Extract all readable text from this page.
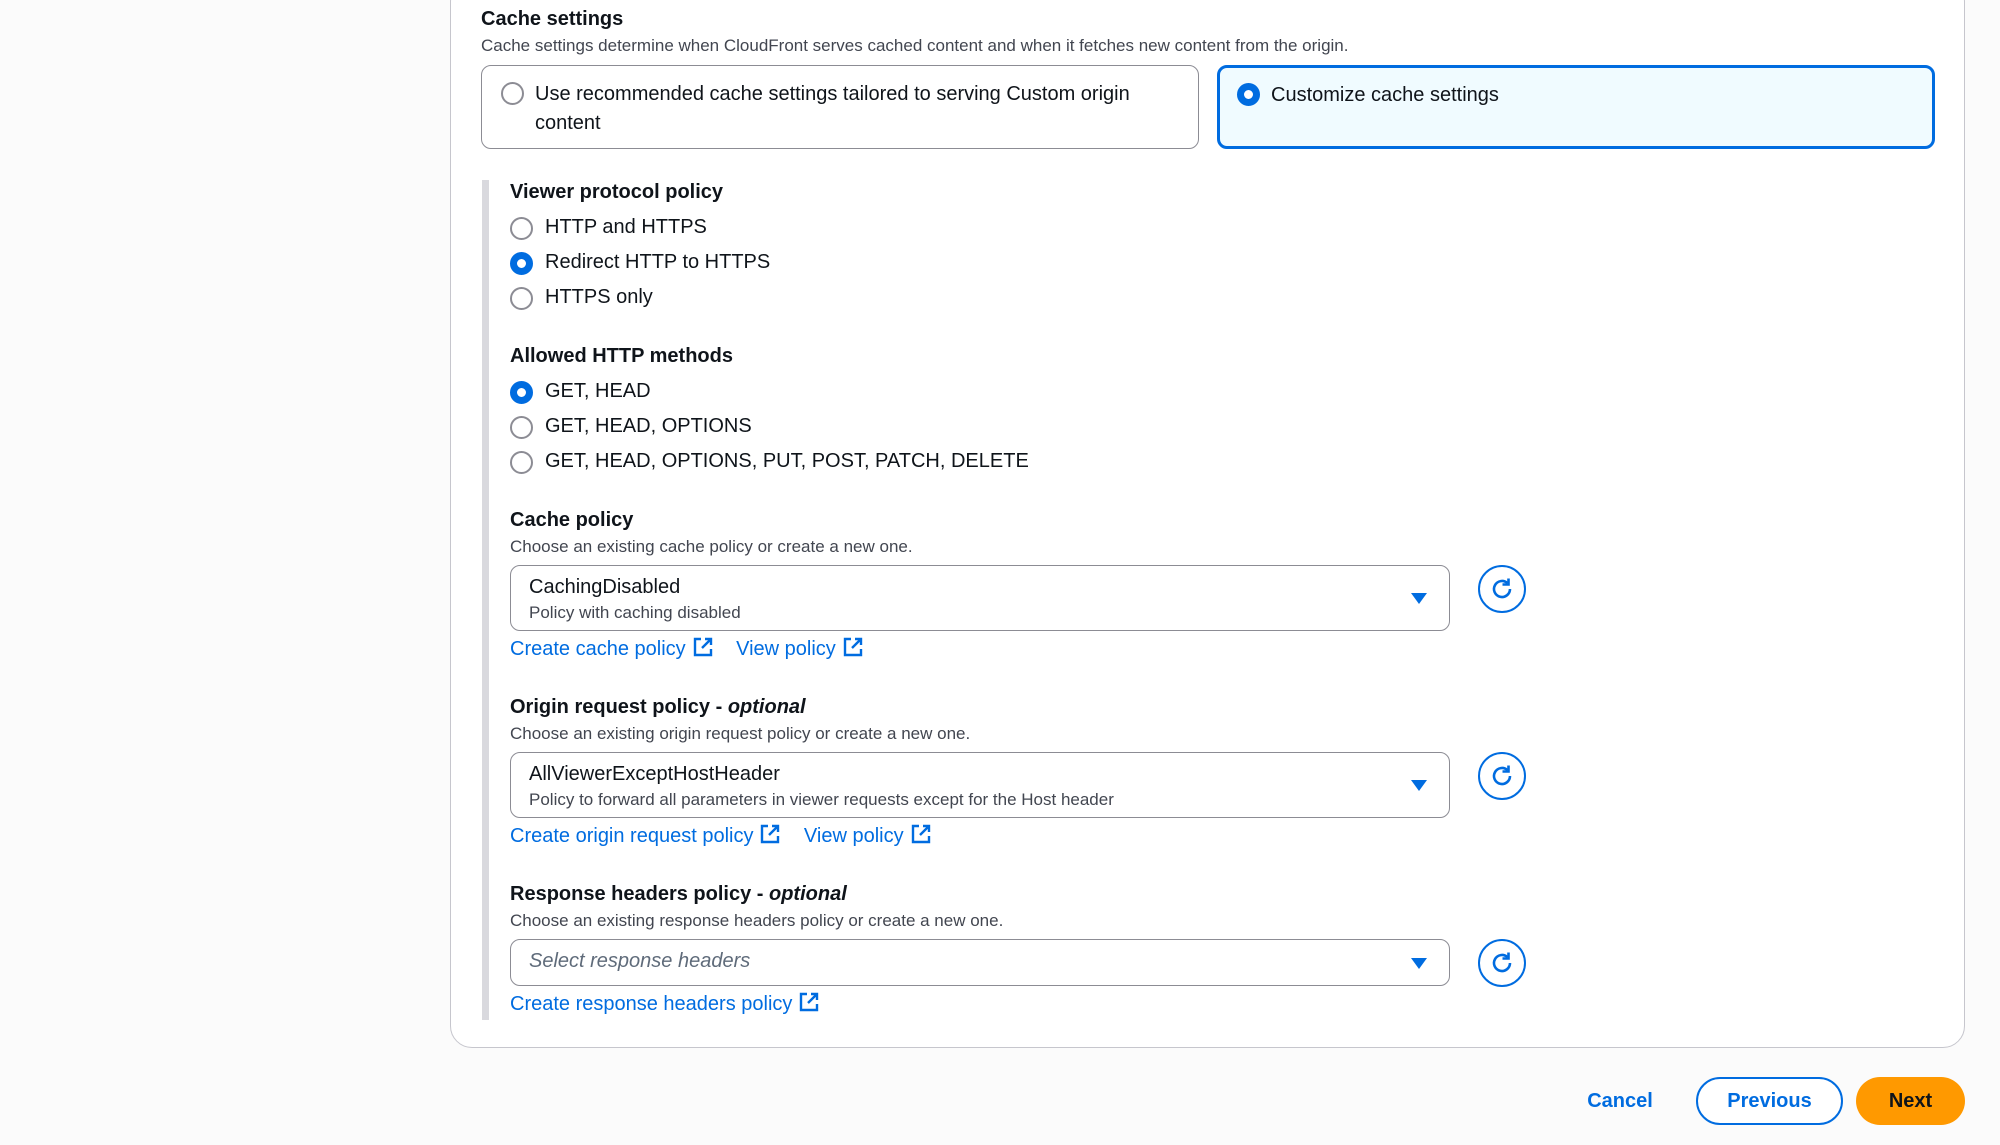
Cache settings
Cache settings determine when CloudFront serves cached content and when it fetches new content from the origin.
Use recommended cache settings tailored to serving Custom origin content
Customize cache settings
Viewer protocol policy
HTTP and HTTPS
Redirect HTTP to HTTPS
HTTPS only
Allowed HTTP methods
GET, HEAD
GET, HEAD, OPTIONS
GET, HEAD, OPTIONS, PUT, POST, PATCH, DELETE
Cache policy
Choose an existing cache policy or create a new one.
CachingDisabled
Policy with caching disabled
Create cache policy	View policy
Origin request policy - optional
Choose an existing origin request policy or create a new one.
AllViewerExceptHostHeader
Policy to forward all parameters in viewer requests except for the Host header
Create origin request policy	View policy
Response headers policy - optional
Choose an existing response headers policy or create a new one.
Select response headers
Create response headers policy
Cancel	Previous	Next
